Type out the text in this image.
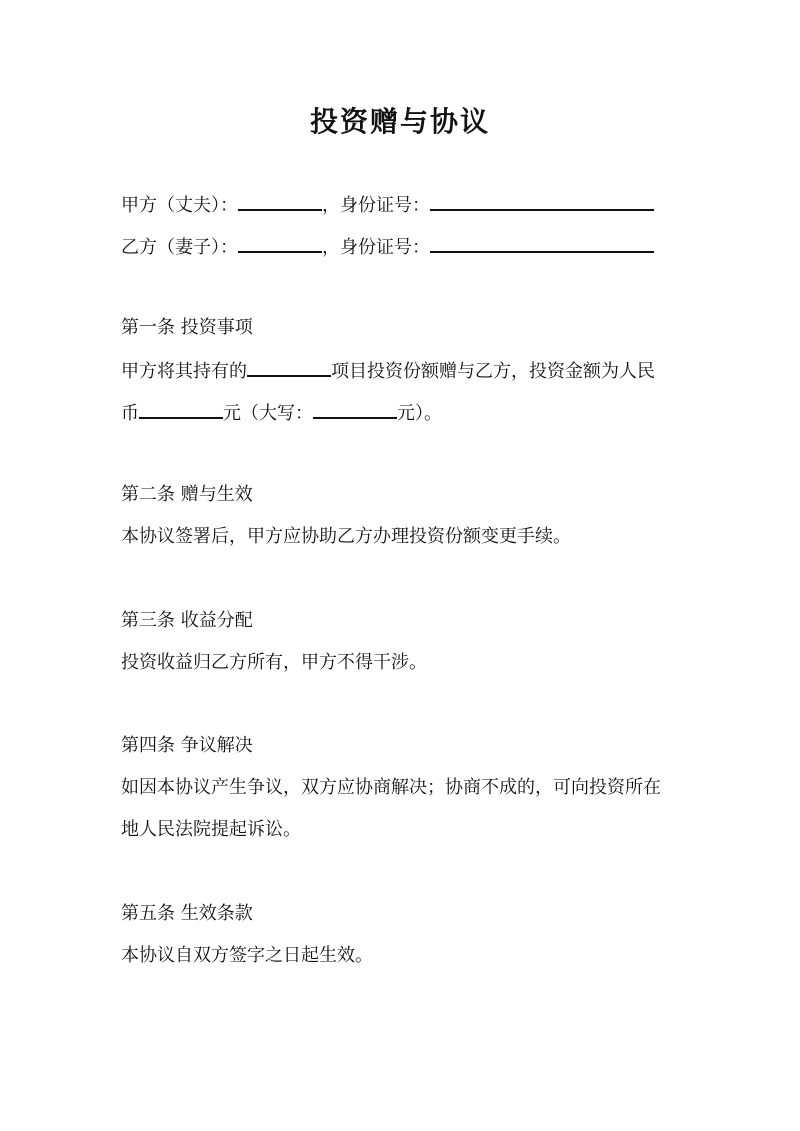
投资赠与协议
甲方（丈夫）：	，身份证号：
乙方（妻子）：	，身份证号：
第一条 投资事项
甲方将其持有的	项目投资份额赠与乙方，投资金额为人民
币	元（大写：	元）。
第二条 赠与生效
本协议签署后，甲方应协助乙方办理投资份额变更手续。
第三条 收益分配
投资收益归乙方所有，甲方不得干涉。
第四条 争议解决
如因本协议产生争议，双方应协商解决；协商不成的，可向投资所在
地人民法院提起诉讼。
第五条 生效条款
本协议自双方签字之日起生效。
